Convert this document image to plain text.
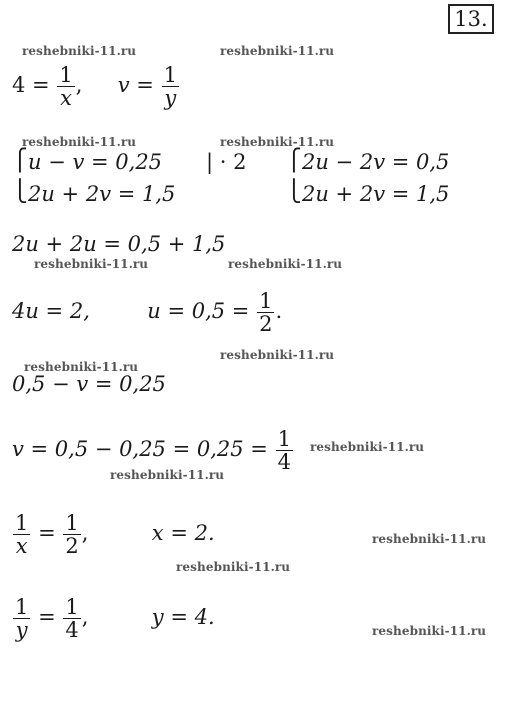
13.
reshebniki-11.ru	reshebniki-11.ru
reshebniki-11.ru	reshebniki-11.ru
reshebniki-11.ru	reshebniki-11.ru
reshebniki-11.ru
reshebniki-11.ru
reshebniki-11.ru
reshebniki-11.ru
reshebniki-11.ru
reshebniki-11.ru
reshebniki-11.ru
$4 = \frac{1}{x}$ , $v = \frac{1}{y}$
⎧
⎩
u − v = 0,25
2u + 2v = 1,5
| · 2 ⎧
⎩
2u − 2v = 0,5
2u + 2v = 1,5
2u + 2u = 0,5 + 1,5
4u = 2,	$u = 0,5 = \frac{1}{2}$ .
0,5 − v = 0,25
$v = 0,5 - 0,25 = 0,25 = \frac{1}{4}$
$\frac{1}{x} = \frac{1}{2}$ ,	x = 2.
$\frac{1}{y} = \frac{1}{4}$ ,	y = 4.
